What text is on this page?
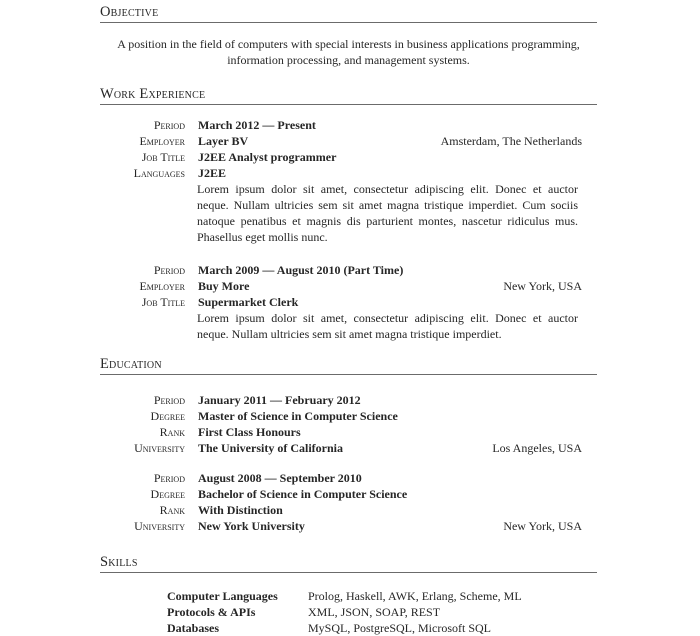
Objective

A position in the field of computers with special interests in business applications programming, information processing, and management systems.

Work Experience
Period March 2012 — Present
Employer Layer BV	Amsterdam, The Netherlands
Job Title J2EE Analyst programmer
Languages J2EE

Lorem ipsum dolor sit amet, consectetur adipiscing elit. Donec et auctor neque. Nullam ultricies sem sit amet magna tristique imperdiet. Cum sociis natoque penatibus et magnis dis parturient montes, nascetur ridiculus mus. Phasellus eget mollis nunc.

Period March 2009 — August 2010 (Part Time)
Employer Buy More	New York, USA
Job Title Supermarket Clerk

Lorem ipsum dolor sit amet, consectetur adipiscing elit. Donec et auctor neque. Nullam ultricies sem sit amet magna tristique imperdiet.

Education
Period January 2011 — February 2012
Degree Master of Science in Computer Science
Rank First Class Honours
University The University of California	Los Angeles, USA
Period August 2008 — September 2010
Degree Bachelor of Science in Computer Science
Rank With Distinction
University New York University	New York, USA
Skills
Computer Languages	Prolog, Haskell, AWK, Erlang, Scheme, ML
Protocols & APIs	XML, JSON, SOAP, REST
Databases	MySQL, PostgreSQL, Microsoft SQL
